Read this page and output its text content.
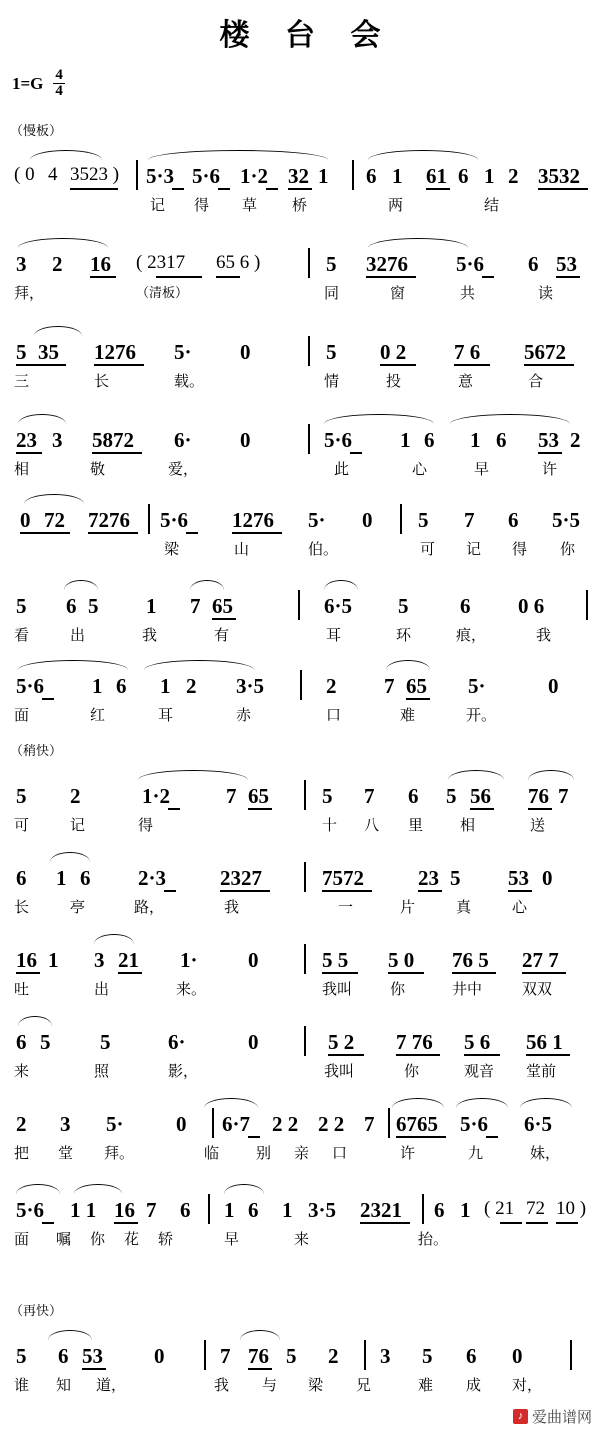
楼 台 会
$1=G \frac{4}{4}$
（慢板）
（稍快）
（再快）
( 0 4 3523 ) 5·3 5·6 1·2 32 1 6 1 61 6 1 2 3532
记 得 草 桥	两	结
3 2 16 ( 2317 65 6 )	5 3276 5·6 6 53
拜，	（清板）	同	窗	共	读
5 35 1276 5· 0	5 0 2 7 6 5672
三	长	载。	情	投	意	合
23 3 5872 6· 0	5·6 1 6 1 6 53 2
相	敬	爱，	此	心	早	许
0 72 7276 5·6 1276 5· 0 5 7 6 5·5
梁	山	伯。	可 记 得 你
5 6 5 1 7 65	6·5 5 6 0 6
看	出	我	有	耳	环	痕，	我
5·6 1 6 1 2 3·5	2 7 65 5·	0
面	红	耳	赤	口	难	开。
5 2	1·2	7 65	5 7 6 5 56 76 7
可	记	得	十 八 里 相	送
6 1 6 2·3	2327	7572	23 5 53 0
长	亭	路，	我	一	片	真	心
16 1 3 21 1· 0	5 5 5 0 76 5 27 7
吐	出	来。	我叫	你	井中	双双
6 5 5	6·	0	5 2 7 76 5 6 56 1
来	照	影，	我叫	你	观音 堂前
2 3 5· 0 6·7 2 2 2 2 7 6765 5·6 6·5
把 堂 拜。	临 别 亲 口	许	九	妹，
5·6 1 1 16 7 6 1 6 1 3·5 2321 6 1 ( 21 72 10 )
面 嘱 你 花 轿	早	来	抬。
5 6 53 0	7 76 5 2 3 5 6 0
谁 知 道，	我 与 梁 兄	难 成 对，
♪ 爱曲谱网
